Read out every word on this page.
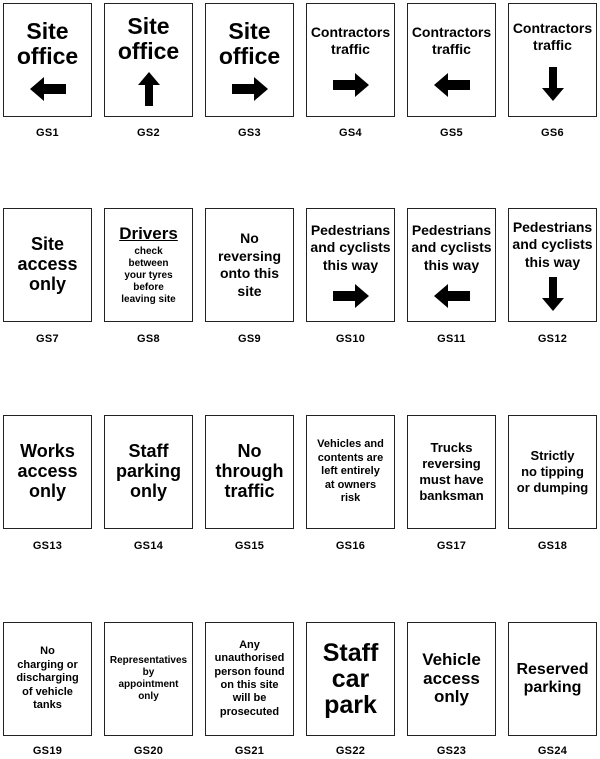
Site
office
GS1
Site
office
GS2
Site
office
GS3
Contractors
traffic
GS4
Contractors
traffic
GS5
Contractors
traffic
GS6
Site
access
only
GS7
Drivers
check
between
your tyres
before
leaving site
GS8
No
reversing
onto this
site
GS9
Pedestrians
and cyclists
this way
GS10
Pedestrians
and cyclists
this way
GS11
Pedestrians
and cyclists
this way
GS12
Works
access
only
GS13
Staff
parking
only
GS14
No
through
traffic
GS15
Vehicles and
contents are
left entirely
at owners
risk
GS16
Trucks
reversing
must have
banksman
GS17
Strictly
no tipping
or dumping
GS18
No
charging or
discharging
of vehicle
tanks
GS19
Representatives
by
appointment
only
GS20
Any
unauthorised
person found
on this site
will be
prosecuted
GS21
Staff
car
park
GS22
Vehicle
access
only
GS23
Reserved
parking
GS24
